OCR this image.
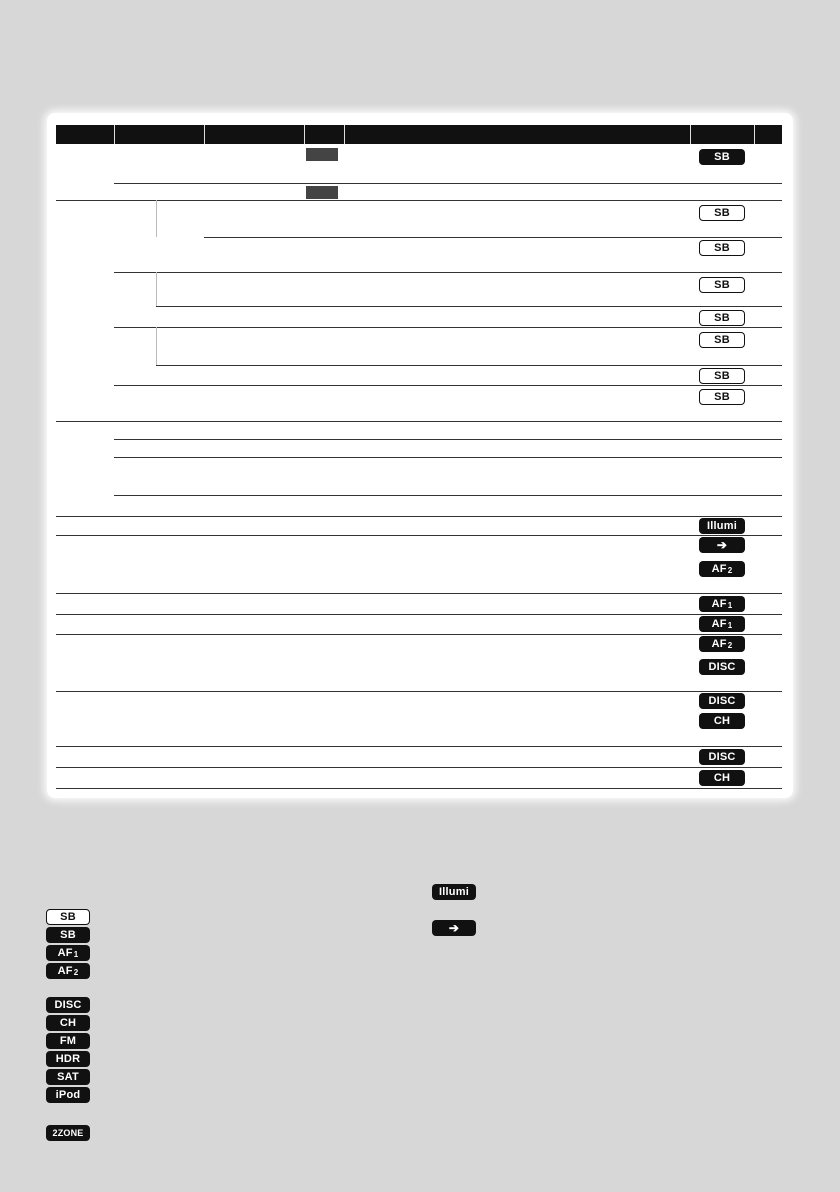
SB
SB
SB
SB
SB
SB
SB
SB
Illumi
➔
AF 2
AF 1
AF 1
AF 2
DISC
DISC
CH
DISC
CH
SB
SB
AF 1
AF 2
DISC
CH
FM
HDR
SAT
iPod
2ZONE
Illumi
➔
